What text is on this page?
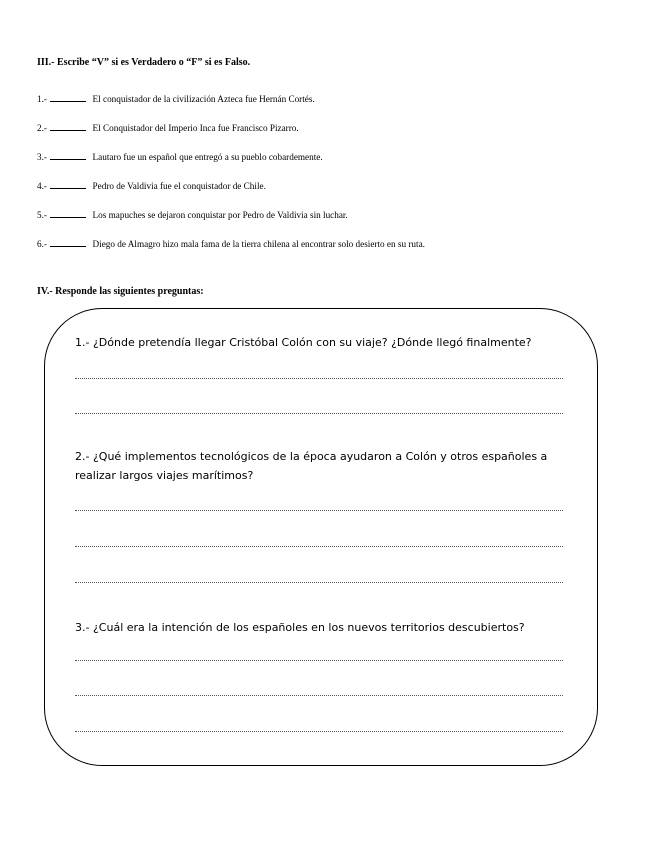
III.- Escribe “V” si es Verdadero o “F” si es Falso.
1.-	El conquistador de la civilización Azteca fue Hernán Cortés.
2.-	El Conquistador del Imperio Inca fue Francisco Pizarro.
3.-	Lautaro fue un español que entregó a su pueblo cobardemente.
4.-	Pedro de Valdivia fue el conquistador de Chile.
5.-	Los mapuches se dejaron conquistar por Pedro de Valdivia sin luchar.
6.-	Diego de Almagro hizo mala fama de la tierra chilena al encontrar solo desierto en su ruta.
IV.- Responde las siguientes preguntas:

1.- ¿Dónde pretendía llegar Cristóbal Colón con su viaje? ¿Dónde llegó finalmente?

2.- ¿Qué implementos tecnológicos de la época ayudaron a Colón y otros españoles a realizar largos viajes marítimos?

3.- ¿Cuál era la intención de los españoles en los nuevos territorios descubiertos?
